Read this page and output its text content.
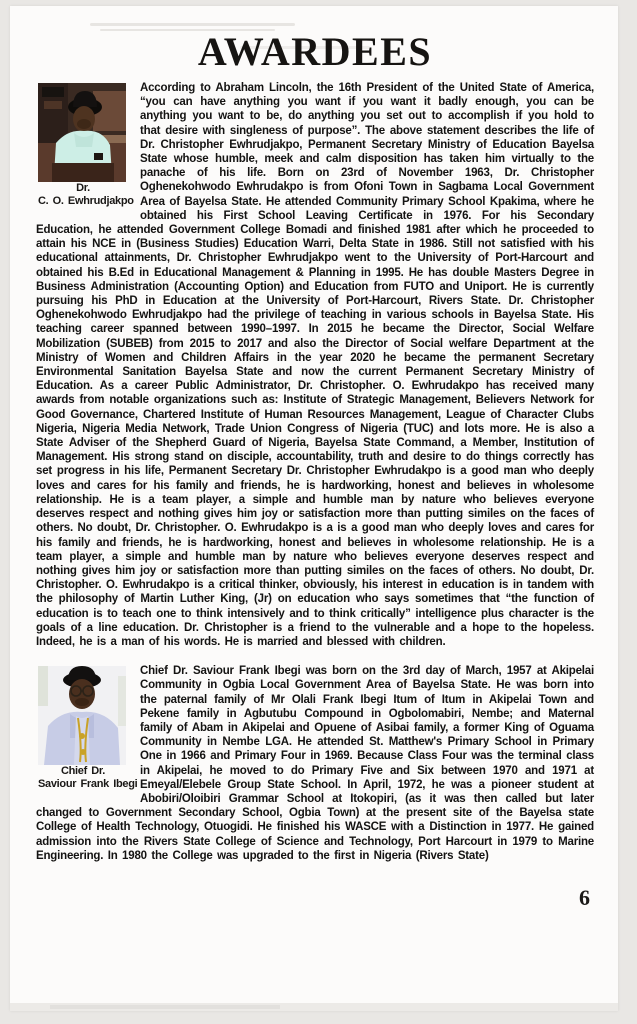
AWARDEES
Dr.
C. O. Ewhrudjakpo

According to Abraham Lincoln, the 16th President of the United State of America, “you can have anything you want if you want it badly enough, you can be anything you want to be, do anything you set out to accomplish if you hold to that desire with singleness of purpose”. The above statement describes the life of Dr. Christopher Ewhrudjakpo, Permanent Secretary Ministry of Education Bayelsa State whose humble, meek and calm disposition has taken him virtually to the panache of his life. Born on 23rd of November 1963, Dr. Christopher Oghenekohwodo Ewhrudakpo is from Ofoni Town in Sagbama Local Government Area of Bayelsa State. He attended Community Primary School Kpakima, where he obtained his First School Leaving Certificate in 1976. For his Secondary Education, he attended Government College Bomadi and finished 1981 after which he proceeded to attain his NCE in (Business Studies) Education Warri, Delta State in 1986. Still not satisfied with his educational attainments, Dr. Christopher Ewhrudjakpo went to the University of Port-Harcourt and obtained his B.Ed in Educational Management & Planning in 1995. He has double Masters Degree in Business Administration (Accounting Option) and Education from FUTO and Uniport. He is currently pursuing his PhD in Education at the University of Port-Harcourt, Rivers State. Dr. Christopher Oghenekohwodo Ewhrudjakpo had the privilege of teaching in various schools in Bayelsa State. His teaching career spanned between 1990–1997. In 2015 he became the Director, Social Welfare Mobilization (SUBEB) from 2015 to 2017 and also the Director of Social welfare Department at the Ministry of Women and Children Affairs in the year 2020 he became the permanent Secretary Environmental Sanitation Bayelsa State and now the current Permanent Secretary Ministry of Education. As a career Public Administrator, Dr. Christopher. O. Ewhrudakpo has received many awards from notable organizations such as: Institute of Strategic Management, Believers Network for Good Governance, Chartered Institute of Human Resources Management, League of Character Clubs Nigeria, Nigeria Media Network, Trade Union Congress of Nigeria (TUC) and lots more. He is also a State Adviser of the Shepherd Guard of Nigeria, Bayelsa State Command, a Member, Institution of Management. His strong stand on disciple, accountability, truth and desire to do things correctly has set progress in his life, Permanent Secretary Dr. Christopher Ewhrudakpo is a good man who deeply loves and cares for his family and friends, he is hardworking, honest and believes in wholesome relationship. He is a team player, a simple and humble man by nature who believes everyone deserves respect and nothing gives him joy or satisfaction more than putting similes on the faces of others. No doubt, Dr. Christopher. O. Ewhrudakpo is a is a good man who deeply loves and cares for his family and friends, he is hardworking, honest and believes in wholesome relationship. He is a team player, a simple and humble man by nature who believes everyone deserves respect and nothing gives him joy or satisfaction more than putting similes on the faces of others. No doubt, Dr. Christopher. O. Ewhrudakpo is a critical thinker, obviously, his interest in education is in tandem with the philosophy of Martin Luther King, (Jr) on education who says sometimes that “the function of education is to teach one to think intensively and to think critically” intelligence plus character is the goals of a line education. Dr. Christopher is a friend to the vulnerable and a hope to the hopeless. Indeed, he is a man of his words. He is married and blessed with children.

Chief Dr.
Saviour Frank Ibegi

Chief Dr. Saviour Frank Ibegi was born on the 3rd day of March, 1957 at Akipelai Community in Ogbia Local Government Area of Bayelsa State. He was born into the paternal family of Mr Olali Frank Ibegi Itum of Itum in Akipelai Town and Pekene family in Agbutubu Compound in Ogbolomabiri, Nembe; and Maternal family of Abam in Akipelai and Opuene of Asibai family, a former King of Oguama Community in Nembe LGA. He attended St. Matthew's Primary School in Primary One in 1966 and Primary Four in 1969. Because Class Four was the terminal class in Akipelai, he moved to do Primary Five and Six between 1970 and 1971 at Emeyal/Elebele Group State School. In April, 1972, he was a pioneer student at Abobiri/Oloibiri Grammar School at Itokopiri, (as it was then called but later changed to Government Secondary School, Ogbia Town) at the present site of the Bayelsa state College of Health Technology, Otuogidi. He finished his WASCE with a Distinction in 1977. He gained admission into the Rivers State College of Science and Technology, Port Harcourt in 1979 to Marine Engineering. In 1980 the College was upgraded to the first in Nigeria (Rivers State)

6
